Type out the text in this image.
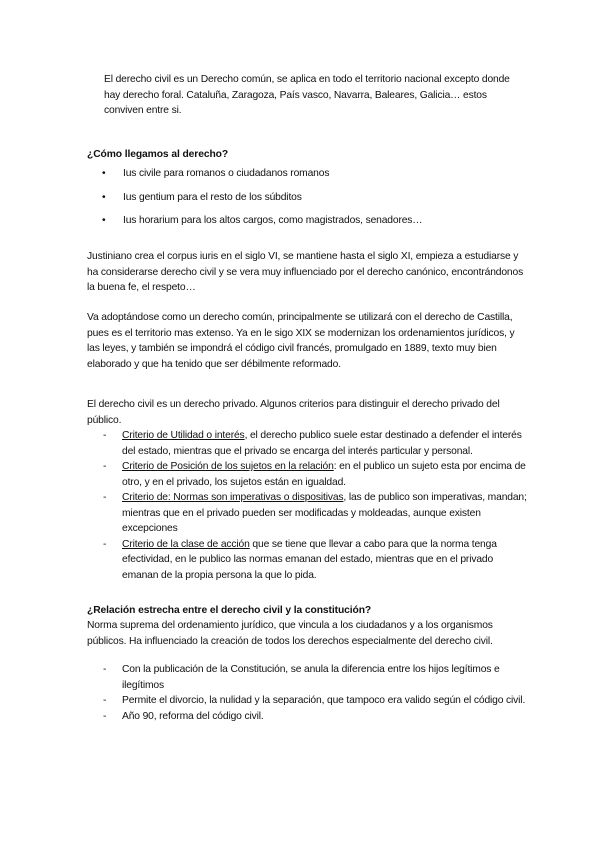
El derecho civil es un Derecho común, se aplica en todo el territorio nacional excepto donde hay derecho foral. Cataluña, Zaragoza, País vasco, Navarra, Baleares, Galicia… estos conviven entre si.

¿Cómo llegamos al derecho?

• Ius civile para romanos o ciudadanos romanos
• Ius gentium para el resto de los súbditos
• Ius horarium para los altos cargos, como magistrados, senadores…

Justiniano crea el corpus iuris en el siglo VI, se mantiene hasta el siglo XI, empieza a estudiarse y ha considerarse derecho civil y se vera muy influenciado por el derecho canónico, encontrándonos la buena fe, el respeto…

Va adoptándose como un derecho común, principalmente se utilizará con el derecho de Castilla, pues es el territorio mas extenso. Ya en le sigo XIX se modernizan los ordenamientos jurídicos, y las leyes, y también se impondrá el código civil francés, promulgado en 1889, texto muy bien elaborado y que ha tenido que ser débilmente reformado.

El derecho civil es un derecho privado. Algunos criterios para distinguir el derecho privado del público.

- Criterio de Utilidad o interés, el derecho publico suele estar destinado a defender el interés del estado, mientras que el privado se encarga del interés particular y personal.
- Criterio de Posición de los sujetos en la relación: en el publico un sujeto esta por encima de otro, y en el privado, los sujetos están en igualdad.
- Criterio de: Normas son imperativas o dispositivas, las de publico son imperativas, mandan; mientras que en el privado pueden ser modificadas y moldeadas, aunque existen excepciones
- Criterio de la clase de acción que se tiene que llevar a cabo para que la norma tenga efectividad, en le publico las normas emanan del estado, mientras que en el privado emanan de la propia persona la que lo pida.

¿Relación estrecha entre el derecho civil y la constitución?

Norma suprema del ordenamiento jurídico, que vincula a los ciudadanos y a los organismos públicos. Ha influenciado la creación de todos los derechos especialmente del derecho civil.

- Con la publicación de la Constitución, se anula la diferencia entre los hijos legítimos e ilegítimos
- Permite el divorcio, la nulidad y la separación, que tampoco era valido según el código civil.
- Año 90, reforma del código civil.
